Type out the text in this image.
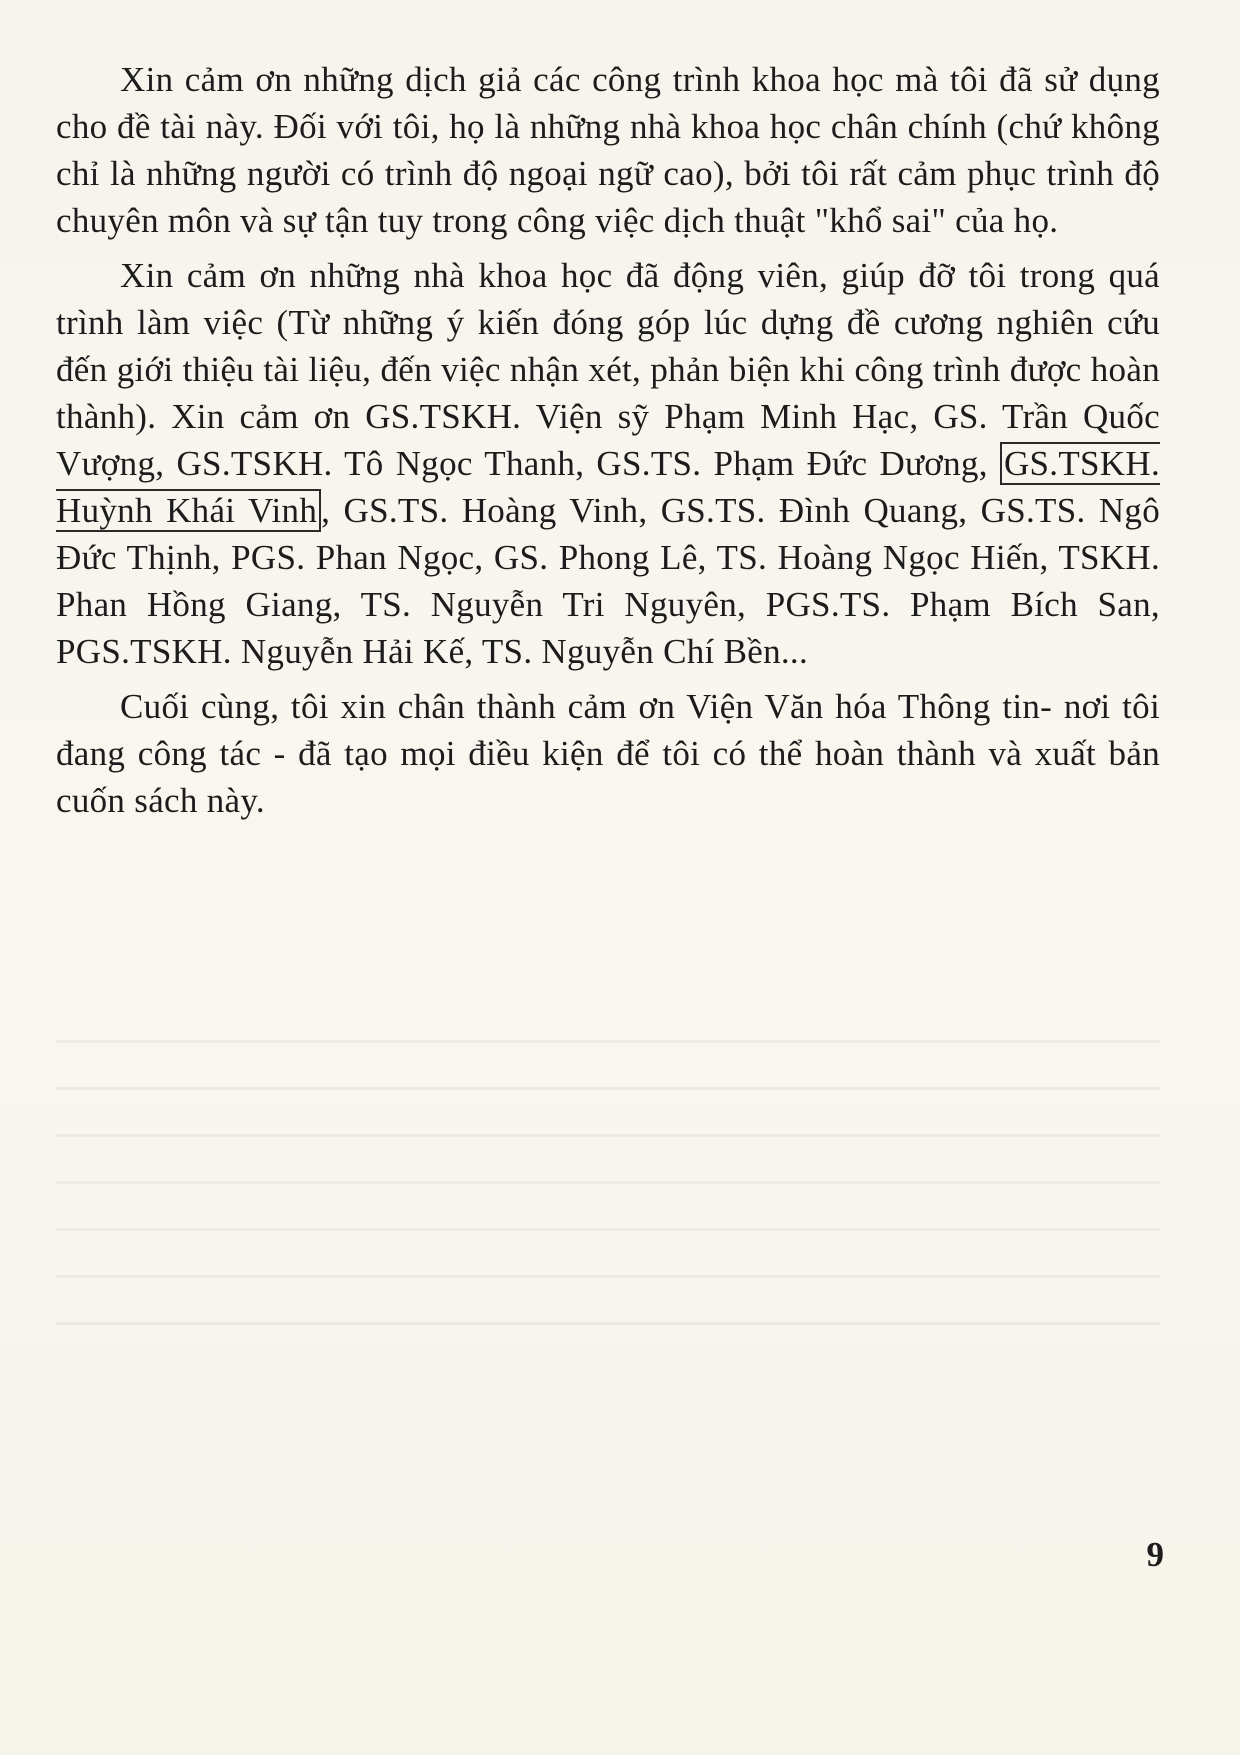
Xin cảm ơn những dịch giả các công trình khoa học mà tôi đã sử dụng cho đề tài này. Đối với tôi, họ là những nhà khoa học chân chính (chứ không chỉ là những người có trình độ ngoại ngữ cao), bởi tôi rất cảm phục trình độ chuyên môn và sự tận tuy trong công việc dịch thuật "khổ sai" của họ.

Xin cảm ơn những nhà khoa học đã động viên, giúp đỡ tôi trong quá trình làm việc (Từ những ý kiến đóng góp lúc dựng đề cương nghiên cứu đến giới thiệu tài liệu, đến việc nhận xét, phản biện khi công trình được hoàn thành). Xin cảm ơn GS.TSKH. Viện sỹ Phạm Minh Hạc, GS. Trần Quốc Vượng, GS.TSKH. Tô Ngọc Thanh, GS.TS. Phạm Đức Dương, GS.TSKH. Huỳnh Khái Vinh , GS.TS. Hoàng Vinh, GS.TS. Đình Quang, GS.TS. Ngô Đức Thịnh, PGS. Phan Ngọc, GS. Phong Lê, TS. Hoàng Ngọc Hiến, TSKH. Phan Hồng Giang, TS. Nguyễn Tri Nguyên, PGS.TS. Phạm Bích San, PGS.TSKH. Nguyễn Hải Kế, TS. Nguyễn Chí Bền...

Cuối cùng, tôi xin chân thành cảm ơn Viện Văn hóa Thông tin- nơi tôi đang công tác - đã tạo mọi điều kiện để tôi có thể hoàn thành và xuất bản cuốn sách này.

9
